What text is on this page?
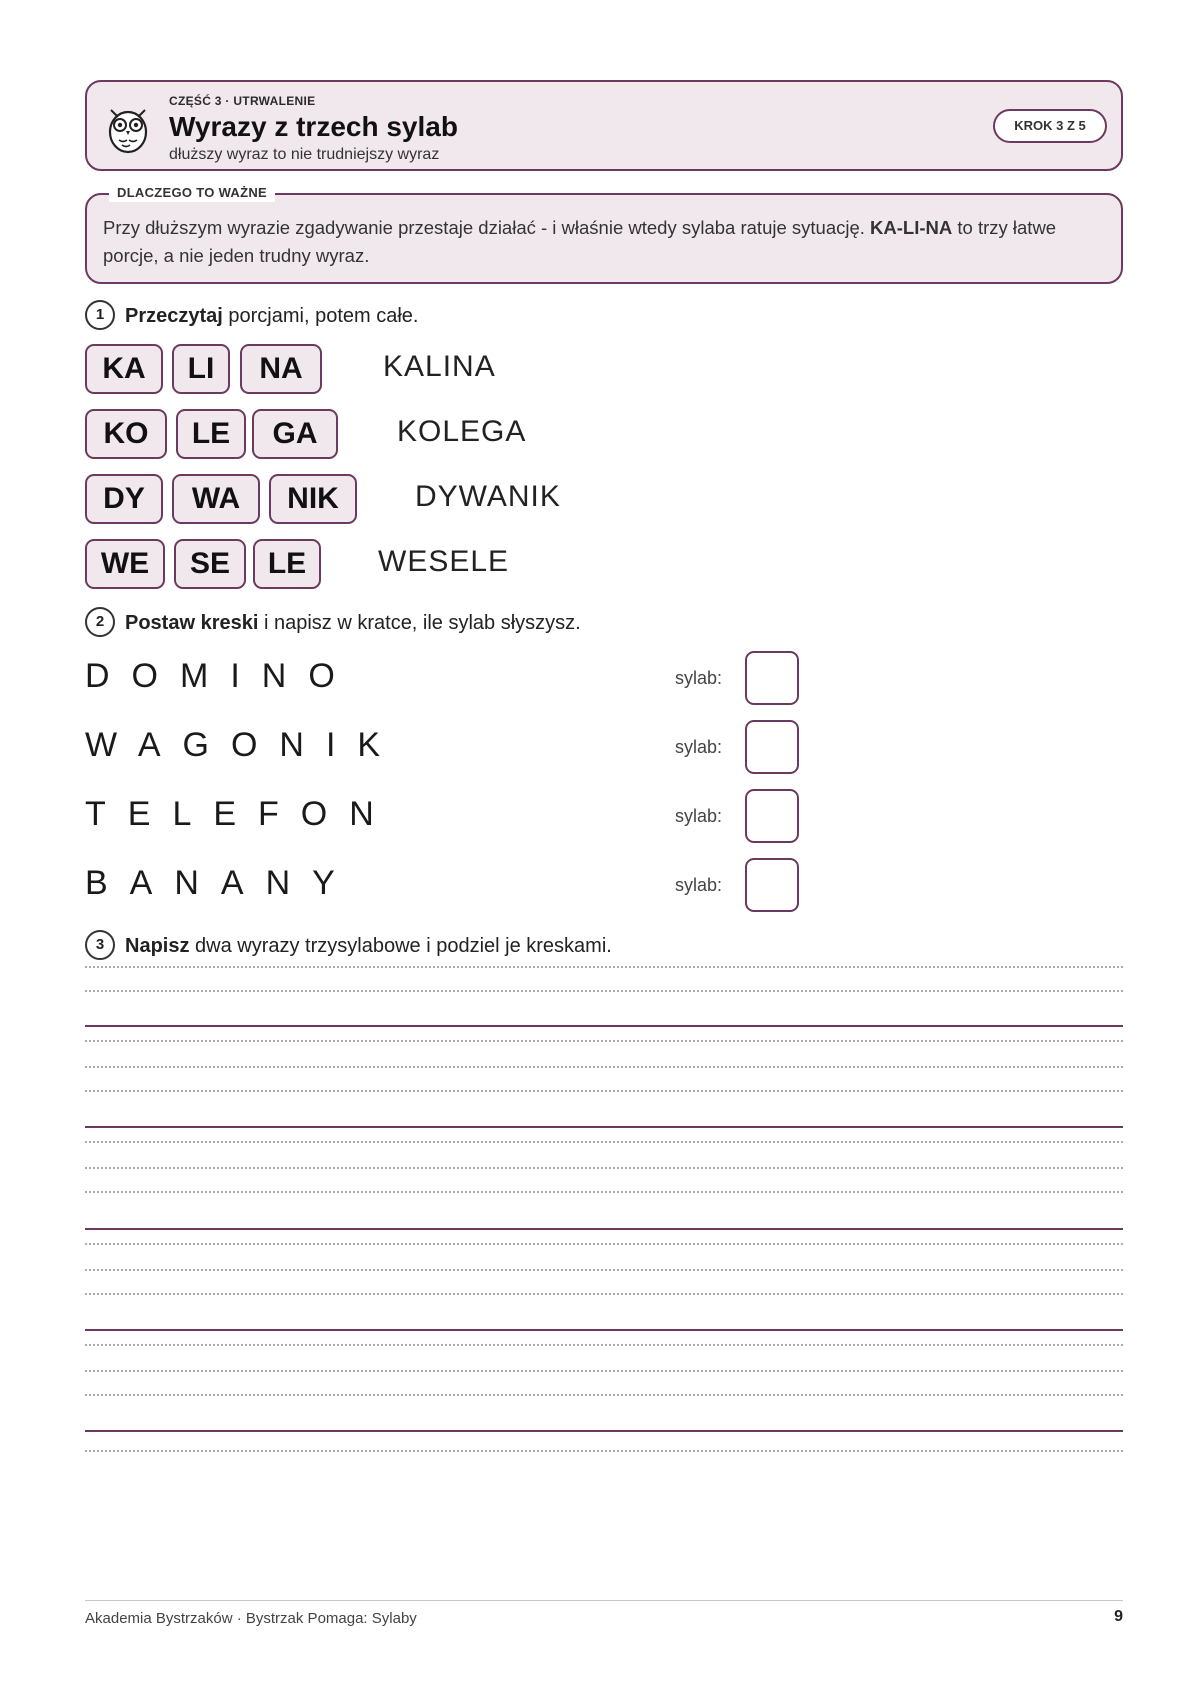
CZĘŚĆ 3 · UTRWALENIE
Wyrazy z trzech sylab
dłuższy wyraz to nie trudniejszy wyraz
KROK 3 Z 5
DLACZEGO TO WAŻNE
Przy dłuższym wyrazie zgadywanie przestaje działać - i właśnie wtedy sylaba ratuje sytuację. KA-LI-NA to trzy łatwe porcje, a nie jeden trudny wyraz.
1 Przeczytaj porcjami, potem całe.
KA	LI	NA	KALINA
KO	LE	GA	KOLEGA
DY	WA	NIK	DYWANIK
WE	SE	LE	WESELE
2 Postaw kreski i napisz w kratce, ile sylab słyszysz.
DOMINO	sylab:
WAGONIK	sylab:
TELEFON	sylab:
BANANY	sylab:
3 Napisz dwa wyrazy trzysylabowe i podziel je kreskami.
Akademia Bystrzaków · Bystrzak Pomaga: Sylaby	9
